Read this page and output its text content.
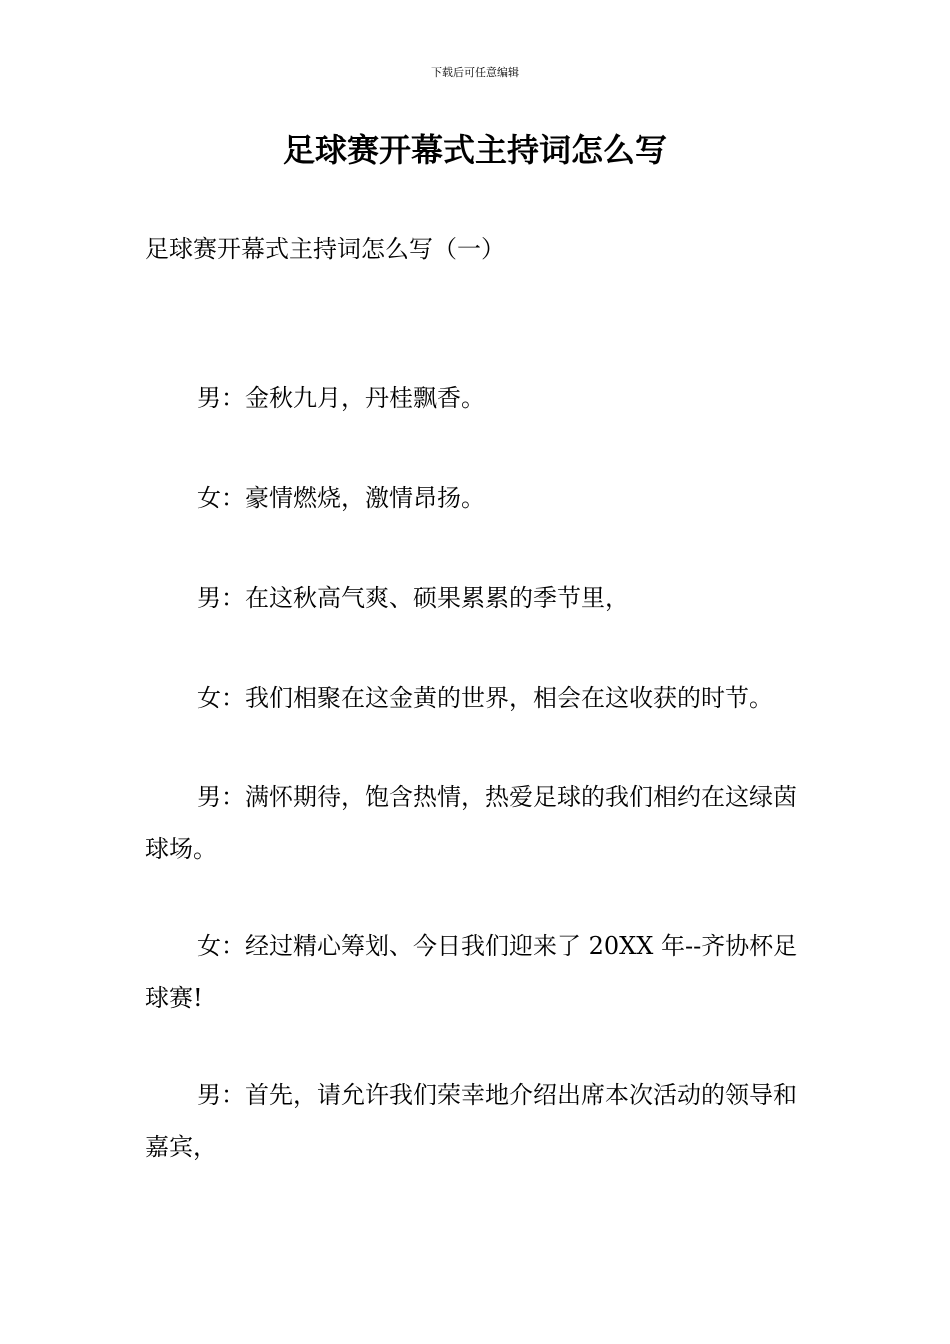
下载后可任意编辑
足球赛开幕式主持词怎么写
足球赛开幕式主持词怎么写（一）

男：金秋九月，丹桂飘香。

女：豪情燃烧，激情昂扬。

男：在这秋高气爽、硕果累累的季节里，

女：我们相聚在这金黄的世界，相会在这收获的时节。

男：满怀期待，饱含热情，热爱足球的我们相约在这绿茵球场。

女：经过精心筹划、今日我们迎来了 20XX 年--齐协杯足球赛!

男：首先，请允许我们荣幸地介绍出席本次活动的领导和嘉宾，
